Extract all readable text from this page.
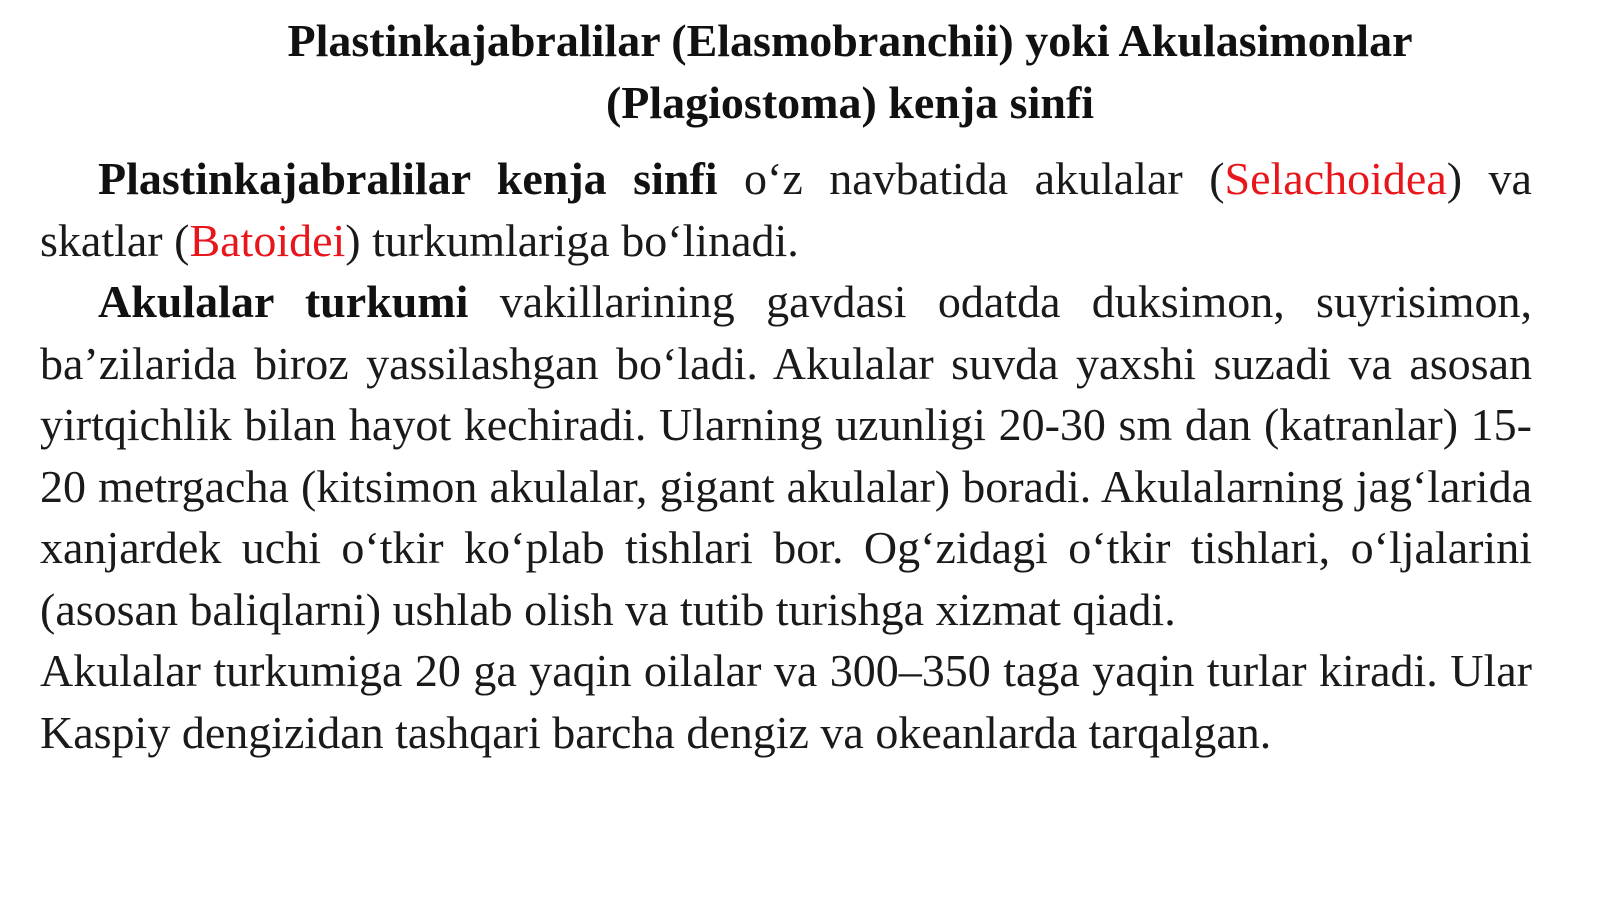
Plastinkajabralilar (Elasmobranchii) yoki Akulasimonlar
(Plagiostoma) kenja sinfi

Plastinkajabralilar kenja sinfi o‘z navbatida akulalar (Selachoidea) va skatlar (Batoidei) turkumlariga bo‘linadi.

Akulalar turkumi vakillarining gavdasi odatda duksimon, suyrisimon, ba’zilarida biroz yassilashgan bo‘ladi. Akulalar suvda yaxshi suzadi va asosan yirtqichlik bilan hayot kechiradi. Ularning uzunligi 20-30 sm dan (katranlar) 15-20 metrgacha (kitsimon akulalar, gigant akulalar) boradi. Akulalarning jag‘larida xanjardek uchi o‘tkir ko‘plab tishlari bor. Og‘zidagi o‘tkir tishlari, o‘ljalarini (asosan baliqlarni) ushlab olish va tutib turishga xizmat qiadi.

Akulalar turkumiga 20 ga yaqin oilalar va 300–350 taga yaqin turlar kiradi. Ular Kaspiy dengizidan tashqari barcha dengiz va okeanlarda tarqalgan.
